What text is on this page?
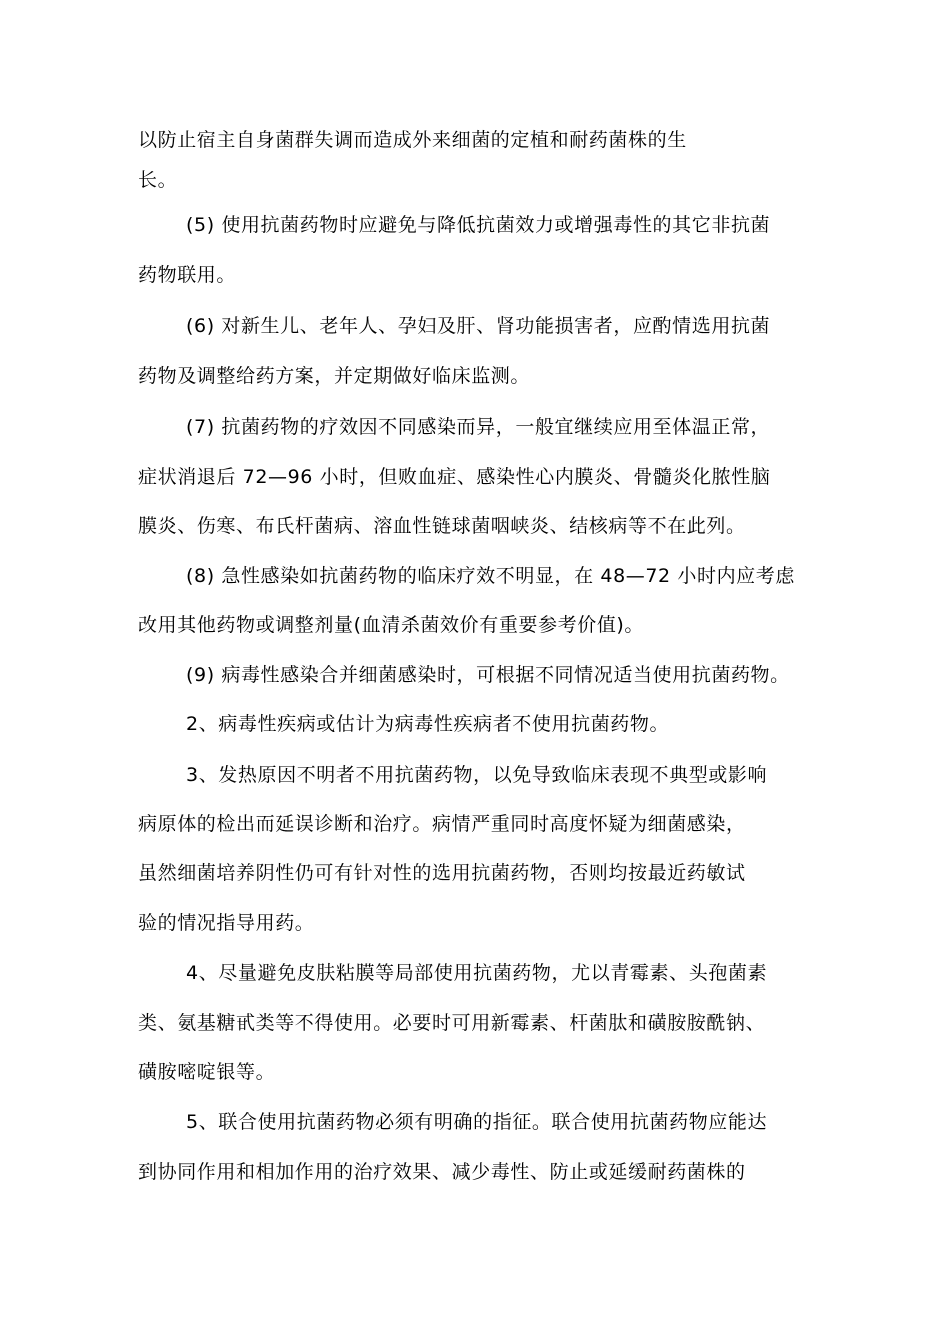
以防止宿主自身菌群失调而造成外来细菌的定植和耐药菌株的生
长。
(5) 使用抗菌药物时应避免与降低抗菌效力或增强毒性的其它非抗菌
药物联用。
(6) 对新生儿、老年人、孕妇及肝、肾功能损害者，应酌情选用抗菌
药物及调整给药方案，并定期做好临床监测。
(7) 抗菌药物的疗效因不同感染而异，一般宜继续应用至体温正常，
症状消退后 72—96 小时，但败血症、感染性心内膜炎、骨髓炎化脓性脑
膜炎、伤寒、布氏杆菌病、溶血性链球菌咽峡炎、结核病等不在此列。
(8) 急性感染如抗菌药物的临床疗效不明显，在 48—72 小时内应考虑
改用其他药物或调整剂量(血清杀菌效价有重要参考价值)。
(9) 病毒性感染合并细菌感染时，可根据不同情况适当使用抗菌药物。
2、病毒性疾病或估计为病毒性疾病者不使用抗菌药物。
3、发热原因不明者不用抗菌药物，以免导致临床表现不典型或影响
病原体的检出而延误诊断和治疗。病情严重同时高度怀疑为细菌感染，
虽然细菌培养阴性仍可有针对性的选用抗菌药物，否则均按最近药敏试
验的情况指导用药。
4、尽量避免皮肤粘膜等局部使用抗菌药物，尤以青霉素、头孢菌素
类、氨基糖甙类等不得使用。必要时可用新霉素、杆菌肽和磺胺胺酰钠、
磺胺嘧啶银等。
5、联合使用抗菌药物必须有明确的指征。联合使用抗菌药物应能达
到协同作用和相加作用的治疗效果、减少毒性、防止或延缓耐药菌株的
